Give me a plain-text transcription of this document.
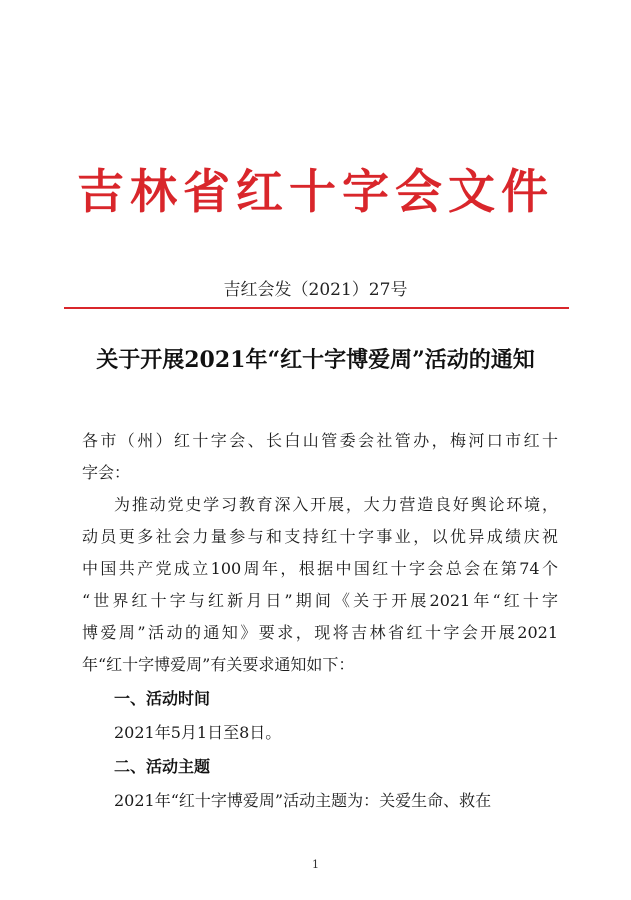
吉林省红十字会文件
吉红会发（2021）27号
关于开展2021年“红十字博爱周”活动的通知

各市（州）红十字会、长白山管委会社管办，梅河口市红十

字会：

为推动党史学习教育深入开展，大力营造良好舆论环境，

动员更多社会力量参与和支持红十字事业，以优异成绩庆祝

中国共产党成立100周年，根据中国红十字会总会在第74个

“世界红十字与红新月日”期间《关于开展2021年“红十字

博爱周”活动的通知》要求，现将吉林省红十字会开展2021

年“红十字博爱周”有关要求通知如下：

一、活动时间

2021年5月1日至8日。

二、活动主题

2021年“红十字博爱周”活动主题为：关爱生命、救在

1
